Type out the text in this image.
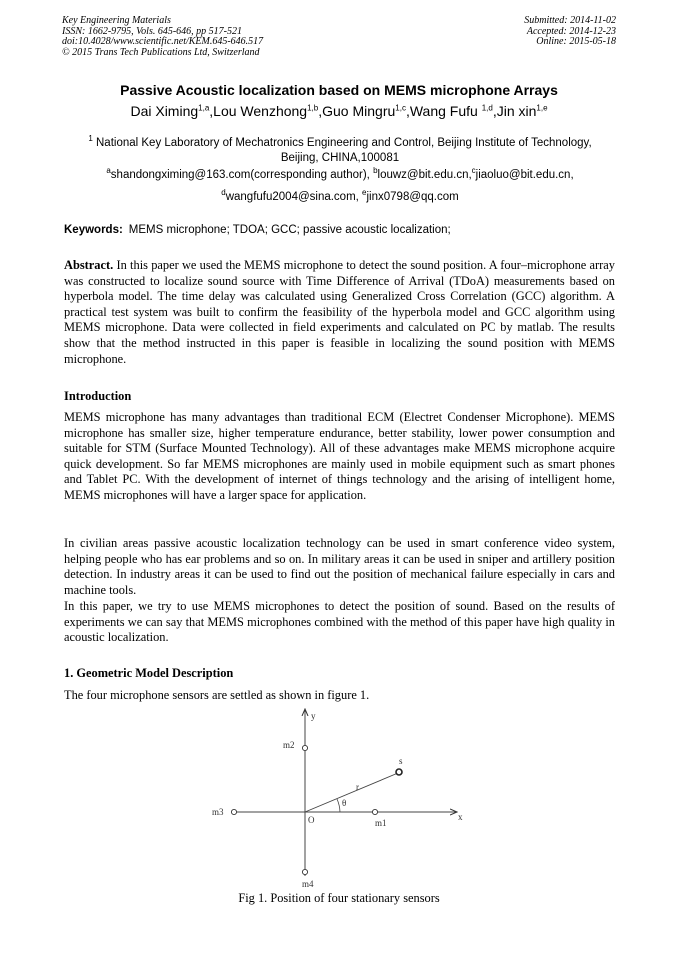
Key Engineering Materials
ISSN: 1662-9795, Vols. 645-646, pp 517-521
doi:10.4028/www.scientific.net/KEM.645-646.517
© 2015 Trans Tech Publications Ltd, Switzerland
Submitted: 2014-11-02
Accepted: 2014-12-23
Online: 2015-05-18
Passive Acoustic localization based on MEMS microphone Arrays
Dai Ximing$^{1,a}$,Lou Wenzhong$^{1,b}$,Guo Mingru$^{1,c}$,Wang Fufu $^{1,d}$,Jin xin$^{1,e}$
$^1$ National Key Laboratory of Mechatronics Engineering and Control, Beijing Institute of Technology,
Beijing, CHINA,100081
$^a$shandongximing@163.com(corresponding author), $^b$louwz@bit.edu.cn,$^c$jiaoluo@bit.edu.cn,
$^d$wangfufu2004@sina.com, $^e$jinx0798@qq.com
Keywords: MEMS microphone; TDOA; GCC; passive acoustic localization;
Abstract. In this paper we used the MEMS microphone to detect the sound position. A four–microphone array was constructed to localize sound source with Time Difference of Arrival (TDoA) measurements based on hyperbola model. The time delay was calculated using Generalized Cross Correlation (GCC) algorithm. A practical test system was built to confirm the feasibility of the hyperbola model and GCC algorithm using MEMS microphone. Data were collected in field experiments and calculated on PC by matlab. The results show that the method instructed in this paper is feasible in localizing the sound position with MEMS microphone.
Introduction
MEMS microphone has many advantages than traditional ECM (Electret Condenser Microphone). MEMS microphone has smaller size, higher temperature endurance, better stability, lower power consumption and suitable for STM (Surface Mounted Technology). All of these advantages make MEMS microphone acquire quick development. So far MEMS microphones are mainly used in mobile equipment such as smart phones and Tablet PC. With the development of internet of things technology and the arising of intelligent home, MEMS microphones will have a larger space for application.
In civilian areas passive acoustic localization technology can be used in smart conference video system, helping people who has ear problems and so on. In military areas it can be used in sniper and artillery position detection. In industry areas it can be used to find out the position of mechanical failure especially in cars and machine tools.
In this paper, we try to use MEMS microphones to detect the position of sound. Based on the results of experiments we can say that MEMS microphones combined with the method of this paper have high quality in acoustic localization.
1. Geometric Model Description
The four microphone sensors are settled as shown in figure 1.
y
x
O	m1
m2
m3
m4
s
r
θ
Fig 1. Position of four stationary sensors
